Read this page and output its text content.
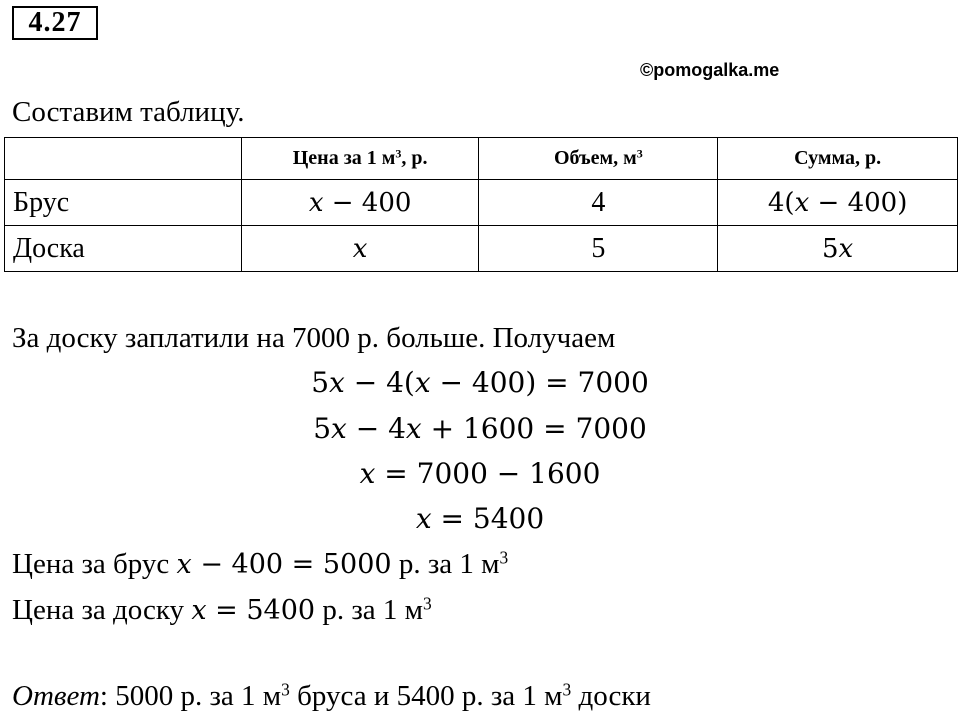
4.27
©pomogalka.me
Составим таблицу.
	Цена за 1 $м^3$, р.	Объем, $м^3$	Сумма, р.
Брус	x − 400	4	4(x − 400)
Доска	x	5	5x
За доску заплатили на 7000 р. больше. Получаем
5x − 4(x − 400) = 7000
5x − 4x + 1600 = 7000
x = 7000 − 1600
x = 5400
Цена за брус x − 400 = 5000 р. за 1 $м^3$
Цена за доску x = 5400 р. за 1 $м^3$
Ответ: 5000 р. за 1 $м^3$ бруса и 5400 р. за 1 $м^3$ доски
